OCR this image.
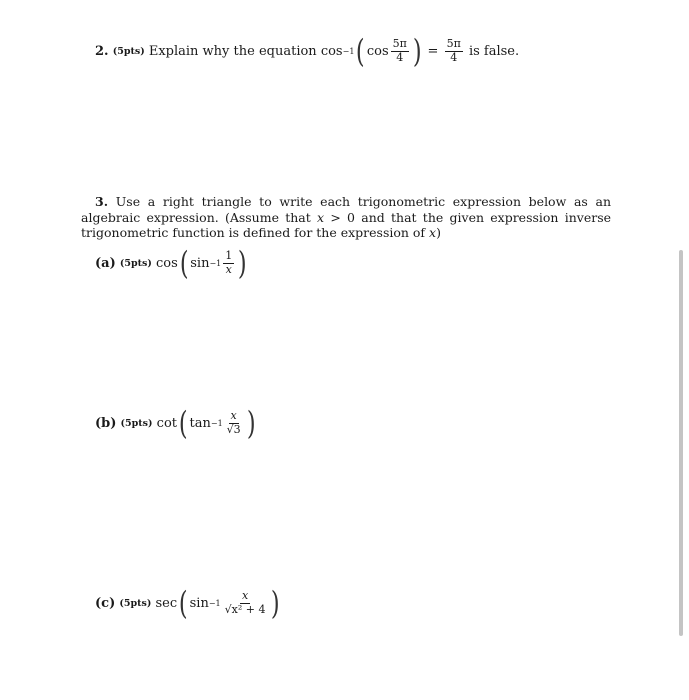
2.
(5pts)
Explain why the equation
cos −1 ( $\cos \frac{5\pi}{4}$ )
=
$\frac{5\pi}{4}$
is false.
3. Use a right triangle to write each trigonometric expression below as an algebraic expression. (Assume that x > 0 and that the given expression inverse trigonometric function is defined for the expression of x)
(a)
(5pts)
cos ( $\sin -1 \frac{1}{x}$ )
(b)
(5pts)
cot ( $\tan -1 \frac{x}{√3}$ )
(c)
(5pts)
sec ( $\sin -1 \frac{x}{\text{√x² + 4}}$ )
